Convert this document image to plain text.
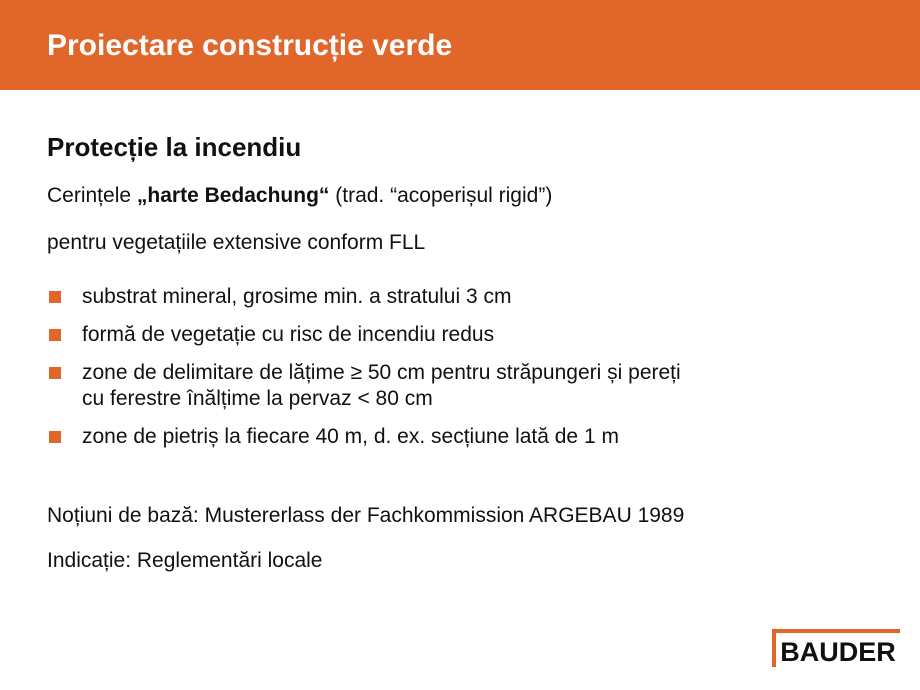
Proiectare construcție verde
Protecție la incendiu
Cerințele „harte Bedachung“ (trad. “acoperișul rigid”)
pentru vegetațiile extensive conform FLL
substrat mineral, grosime min. a stratului 3 cm
formă de vegetație cu risc de incendiu redus
zone de delimitare de lățime ≥ 50 cm pentru străpungeri și pereți
cu ferestre înălțime la pervaz < 80 cm
zone de pietriș la fiecare 40 m, d. ex. secțiune lată de 1 m
Noțiuni de bază: Mustererlass der Fachkommission ARGEBAU 1989
Indicație: Reglementări locale
BAUDER
